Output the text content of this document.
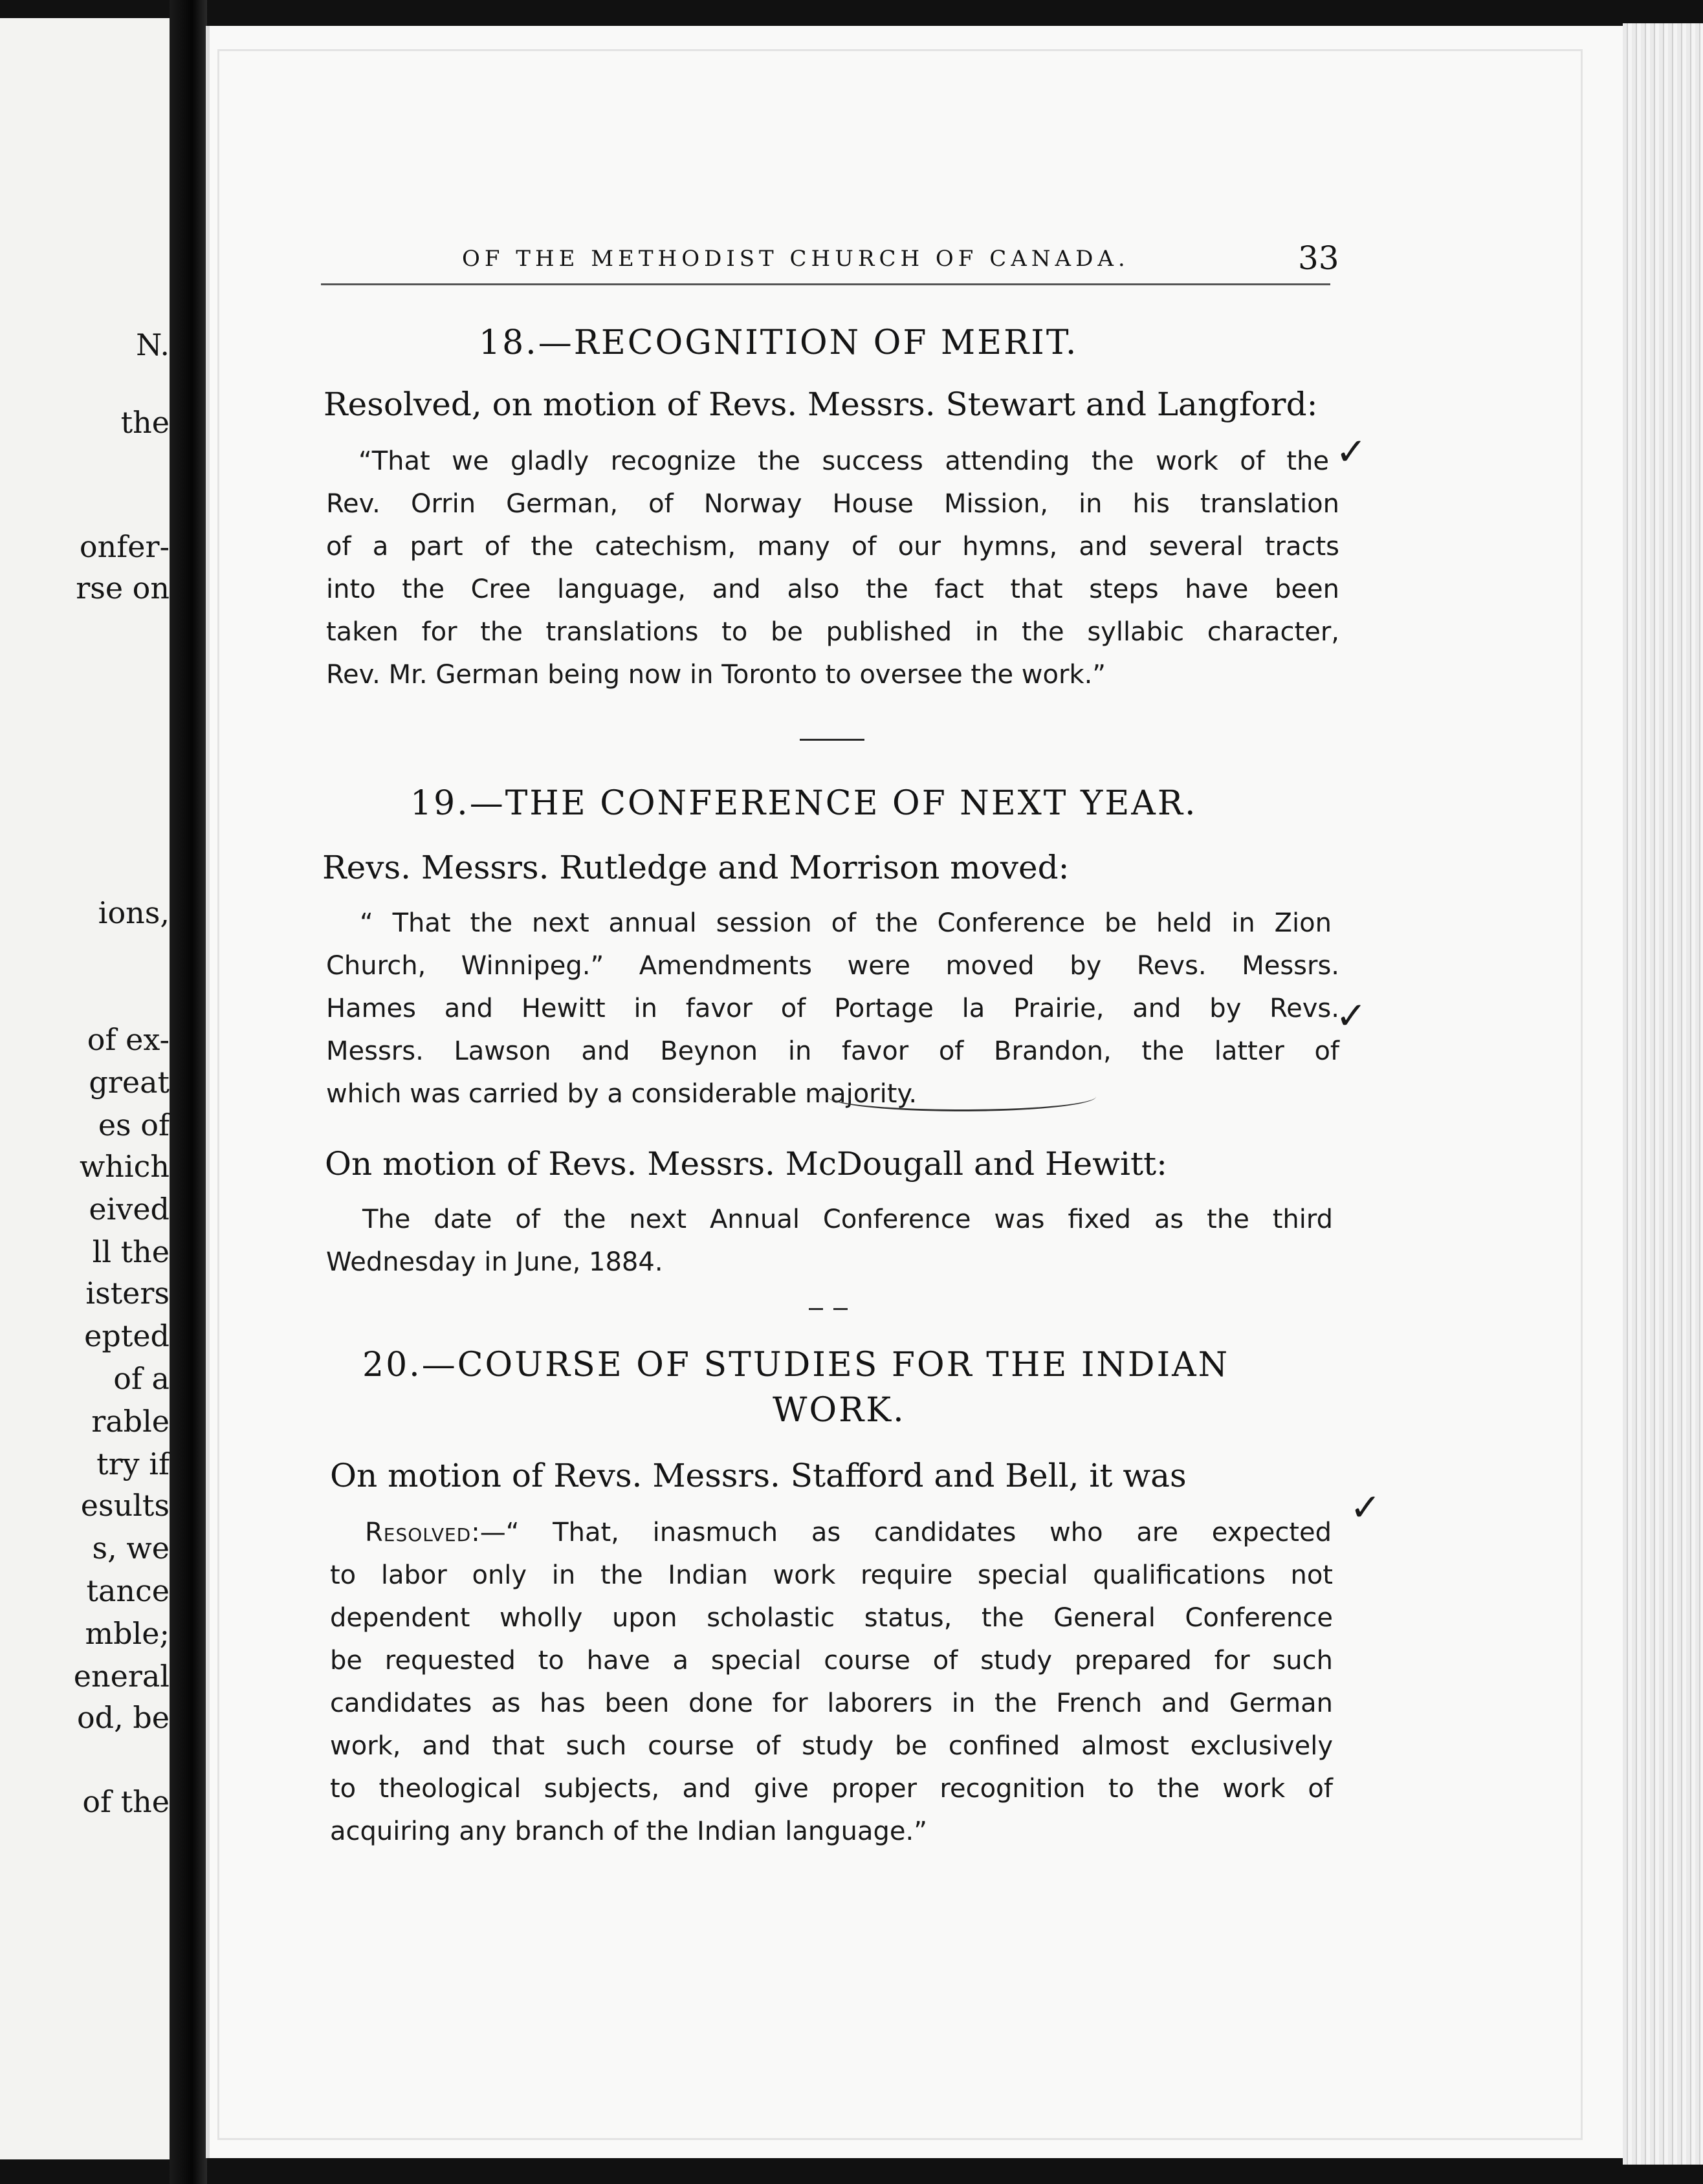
N.
the
onfer-
rse on
ions,
of ex-
great
es of
which
eived
ll the
isters
epted
of a
rable
try if
esults
s, we
tance
mble;
eneral
od, be
of the
OF THE METHODIST CHURCH OF CANADA.	33
18.—RECOGNITION OF MERIT.

Resolved, on motion of Revs. Messrs. Stewart and Langford:

“That we gladly recognize the success attending the work of the
Rev. Orrin German, of Norway House Mission, in his translation
of a part of the catechism, many of our hymns, and several tracts
into the Cree language, and also the fact that steps have been
taken for the translations to be published in the syllabic character,
Rev. Mr. German being now in Toronto to oversee the work.”
✓
19.—THE CONFERENCE OF NEXT YEAR.

Revs. Messrs. Rutledge and Morrison moved:

“ That the next annual session of the Conference be held in Zion
Church, Winnipeg.” Amendments were moved by Revs. Messrs.
Hames and Hewitt in favor of Portage la Prairie, and by Revs.
Messrs. Lawson and Beynon in favor of Brandon, the latter of
which was carried by a considerable majority.
✓

On motion of Revs. Messrs. McDougall and Hewitt:

The date of the next Annual Conference was fixed as the third
Wednesday in June, 1884.
20.—COURSE OF STUDIES FOR THE INDIAN
WORK.

On motion of Revs. Messrs. Stafford and Bell, it was

Resolved:—“ That, inasmuch as candidates who are expected
to labor only in the Indian work require special qualifications not
dependent wholly upon scholastic status, the General Conference
be requested to have a special course of study prepared for such
candidates as has been done for laborers in the French and German
work, and that such course of study be confined almost exclusively
to theological subjects, and give proper recognition to the work of
acquiring any branch of the Indian language.”
✓
